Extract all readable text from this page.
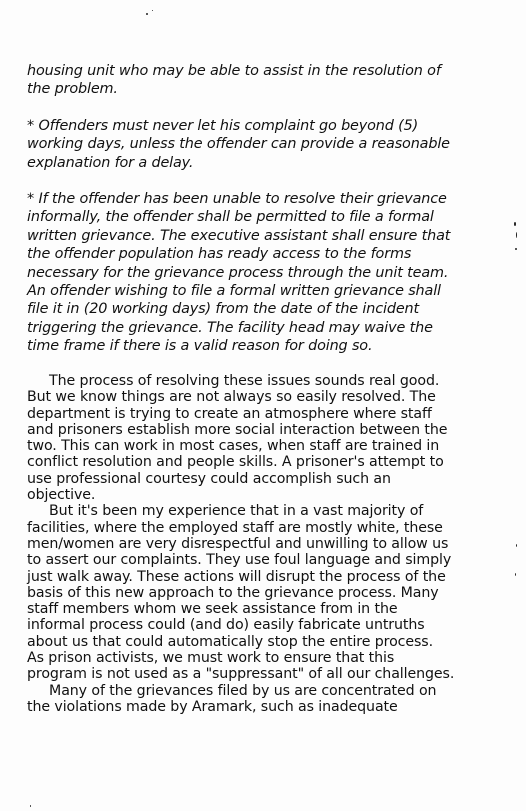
housing unit who may be able to assist in the resolution of
the problem.
* Offenders must never let his complaint go beyond (5)
working days, unless the offender can provide a reasonable
explanation for a delay.
* If the offender has been unable to resolve their grievance
informally, the offender shall be permitted to file a formal
written grievance. The executive assistant shall ensure that
the offender population has ready access to the forms
necessary for the grievance process through the unit team.
An offender wishing to file a formal written grievance shall
file it in (20 working days) from the date of the incident
triggering the grievance. The facility head may waive the
time frame if there is a valid reason for doing so.
The process of resolving these issues sounds real good.
But we know things are not always so easily resolved. The
department is trying to create an atmosphere where staff
and prisoners establish more social interaction between the
two. This can work in most cases, when staff are trained in
conflict resolution and people skills. A prisoner's attempt to
use professional courtesy could accomplish such an
objective.
But it's been my experience that in a vast majority of
facilities, where the employed staff are mostly white, these
men/women are very disrespectful and unwilling to allow us
to assert our complaints. They use foul language and simply
just walk away. These actions will disrupt the process of the
basis of this new approach to the grievance process. Many
staff members whom we seek assistance from in the
informal process could (and do) easily fabricate untruths
about us that could automatically stop the entire process.
As prison activists, we must work to ensure that this
program is not used as a "suppressant" of all our challenges.
Many of the grievances filed by us are concentrated on
the violations made by Aramark, such as inadequate
